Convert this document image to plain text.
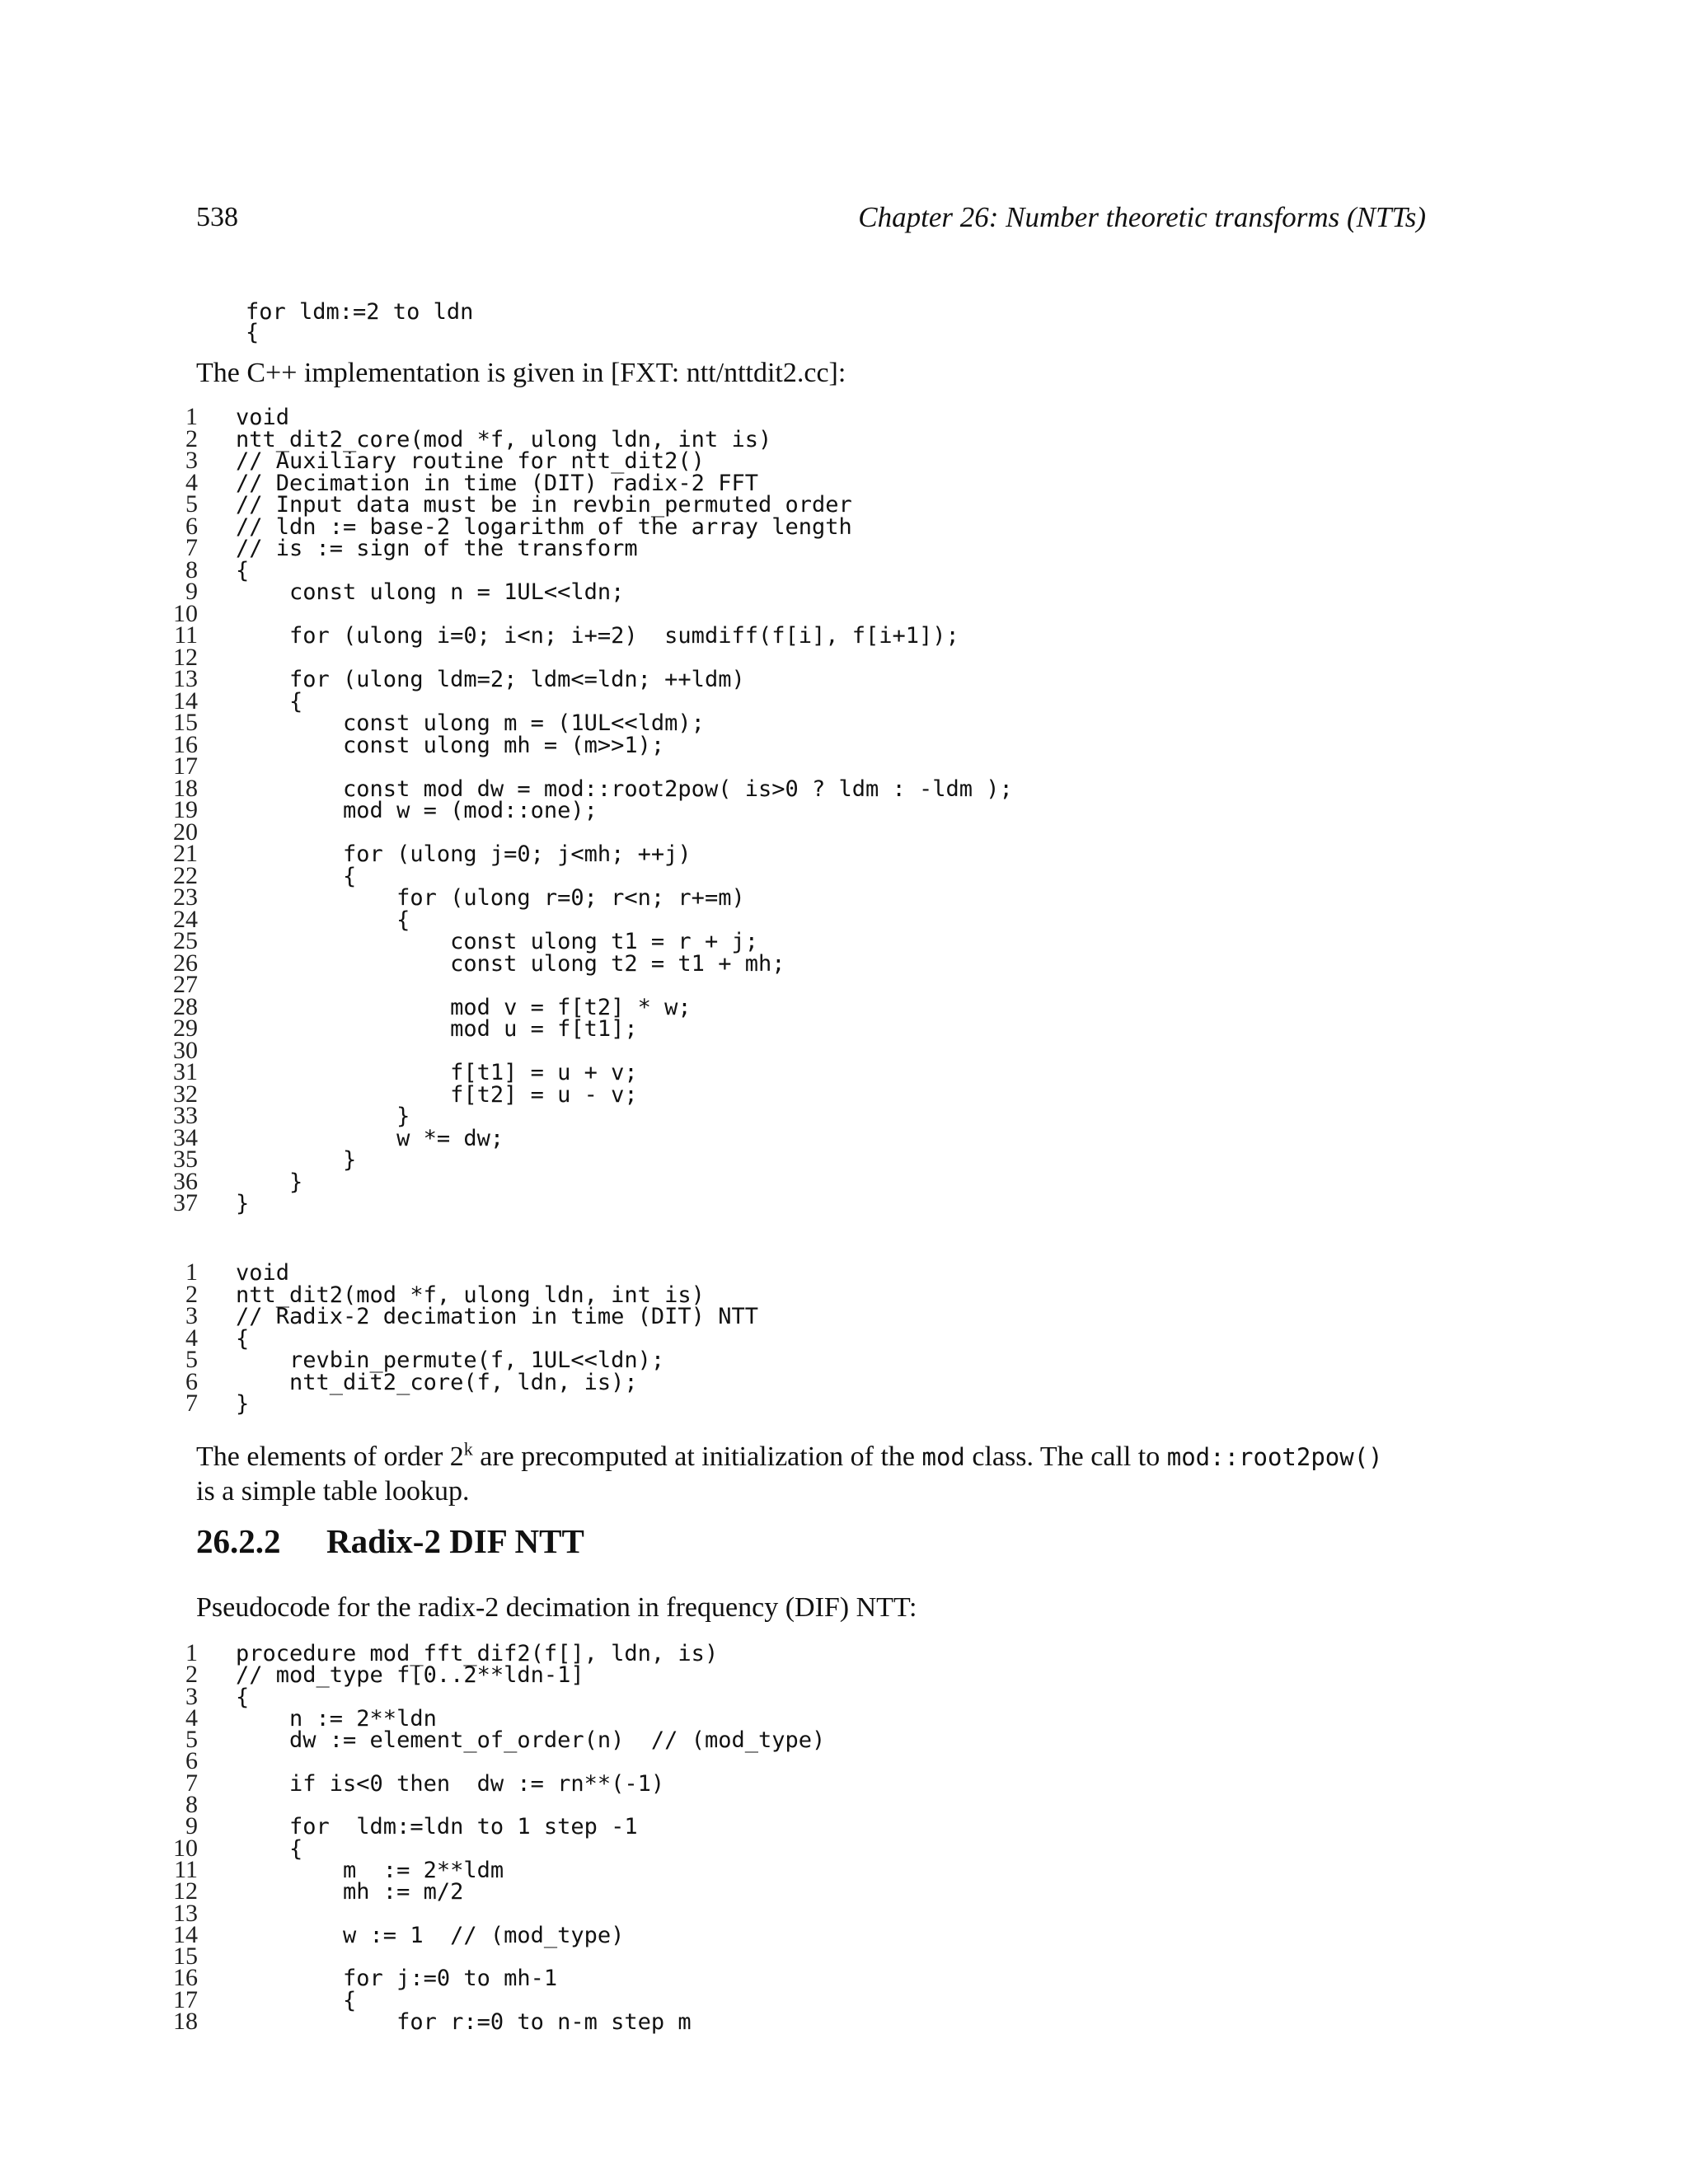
538	Chapter 26: Number theoretic transforms (NTTs)
for ldm:=2 to ldn
{

The C++ implementation is given in [FXT: ntt/nttdit2.cc]:

1 void
2 ntt_dit2_core(mod *f, ulong ldn, int is)
3 // Auxiliary routine for ntt_dit2()
4 // Decimation in time (DIT) radix-2 FFT
5 // Input data must be in revbin_permuted order
6 // ldn := base-2 logarithm of the array length
7 // is := sign of the transform
8 {
9 const ulong n = 1UL<<ldn;
10
11 for (ulong i=0; i<n; i+=2)  sumdiff(f[i], f[i+1]);
12
13 for (ulong ldm=2; ldm<=ldn; ++ldm)
14 {
15 const ulong m = (1UL<<ldm);
16 const ulong mh = (m>>1);
17
18 const mod dw = mod::root2pow( is>0 ? ldm : -ldm );
19 mod w = (mod::one);
20
21 for (ulong j=0; j<mh; ++j)
22 {
23 for (ulong r=0; r<n; r+=m)
24 {
25 const ulong t1 = r + j;
26 const ulong t2 = t1 + mh;
27
28 mod v = f[t2] * w;
29 mod u = f[t1];
30
31 f[t1] = u + v;
32 f[t2] = u - v;
33 }
34 w *= dw;
35 }
36 }
37 }
1 void
2 ntt_dit2(mod *f, ulong ldn, int is)
3 // Radix-2 decimation in time (DIT) NTT
4 {
5 revbin_permute(f, 1UL<<ldn);
6 ntt_dit2_core(f, ldn, is);
7 }

The elements of order 2$^k$ are precomputed at initialization of the mod class. The call to mod::root2pow()
is a simple table lookup.

26.2.2 Radix-2 DIF NTT

Pseudocode for the radix-2 decimation in frequency (DIF) NTT:

1 procedure mod_fft_dif2(f[], ldn, is)
2 // mod_type f[0..2**ldn-1]
3 {
4 n := 2**ldn
5 dw := element_of_order(n)  // (mod_type)
6
7 if is<0 then  dw := rn**(-1)
8
9 for  ldm:=ldn to 1 step -1
10 {
11 m  := 2**ldm
12 mh := m/2
13
14 w := 1  // (mod_type)
15
16 for j:=0 to mh-1
17 {
18 for r:=0 to n-m step m
